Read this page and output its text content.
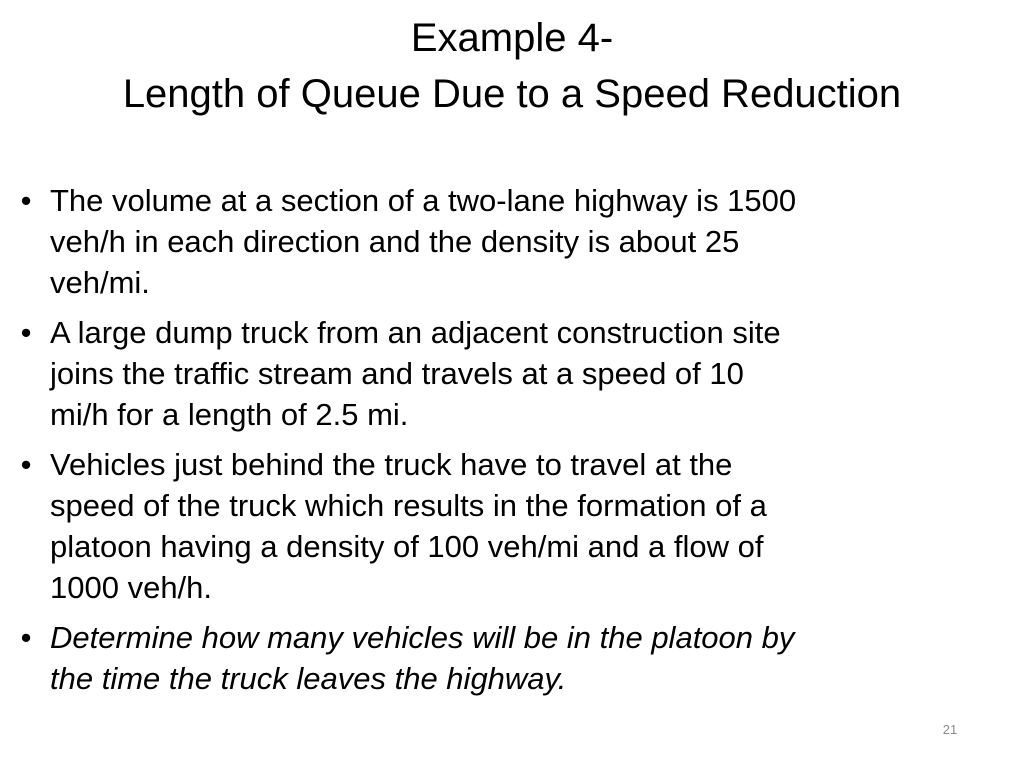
Example 4-
Length of Queue Due to a Speed Reduction
• The volume at a section of a two-lane highway is 1500
veh/h in each direction and the density is about 25
veh/mi.
• A large dump truck from an adjacent construction site
joins the traffic stream and travels at a speed of 10
mi/h for a length of 2.5 mi.
• Vehicles just behind the truck have to travel at the
speed of the truck which results in the formation of a
platoon having a density of 100 veh/mi and a flow of
1000 veh/h.
• Determine how many vehicles will be in the platoon by
the time the truck leaves the highway.
21
